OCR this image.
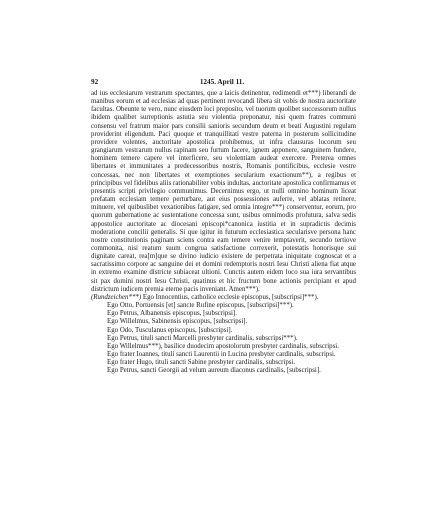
92	1245. April 11.

ad ius ecclesiarum vestrarum spectantes, que a laicis detinentur, redimendi et***) liberandi de manibus eorum et ad ecclesias ad quas pertinent revocandi libera sit vobis de nostra auctoritate facultas. Obeunte te vero, nunc eiusdem loci preposito, vel tuorum quolibet successorum nullus ibidem qualibet surreptionis astutia seu violentia preponatur, nisi quem fratres communi consensu vel fratrum maior pars consilii sanioris secundum deum et beati Augustini regulam providerint eligendum. Paci quoque et tranquillitati vestre paterna in posterum sollicitudine providere volentes, auctoritate apostolica prohibemus, ut infra clausuras locorum seu grangiarum vestrarum nullus rapinam seu furtum facere, ignem apponere, sanguinem fundere, hominem temere capere vel interficere, seu violentiam audeat exercere. Preterea omnes libertates et immunitates a predecessoribus nostris, Romanis pontificibus, ecclesie vestre concessas, nec non libertates et exemptiones secularium exactionum**), a regibus et principibus vel fidelibus aliis rationabiliter vobis indultas, auctoritate apostolica confirmamus et presentis scripti privilegio communimus. Decernimus ergo, ut nulli omnino hominum liceat prefatam ecclesiam temere perturbare, aut eius possessiones auferre, vel ablatas retinere, minuere, vel quibuslibet vexationibus fatigare, sed omnia integre***) conserventur, eorum, pro quorum gubernatione ac sustentatione concessa sunt, usibus omnimodis profutura, salva sedis appostolice auctoritate ac diocesani episcopi*canonica iustitia et in supradictis decimis moderatione concilii generalis. Si que igitur in futurum ecclesiastica secularisve persona hanc nostre constitutionis paginam sciens contra eam temere venire temptaverit, secundo tertiove commonita, nisi reatum suum congrua satisfactione correxerit, potestatis honorisque sui dignitate careat, rea[m]que se divino iudicio existere de perpetrata iniquitate cognoscat et a sacratissimo corpore ac sanguine dei et domini redemptoris nostri Iesu Christi aliena fiat atque in extremo examine districte subiaceat ultioni. Cunctis autem eidem loco sua iura servantibus sit pax domini nostri Iesu Christi, quatinus et hic fructum bone actionis percipiant et apud districtum iudicem premia eterne pacis inveniant. Amen***).

(Rundzeichen***) Ego Innocentius, catholice ecclesie episcopus, [subscripsi]***).
Ego Otto, Portuensis [et] sancte Rufine episcopus, [subscripsi]***).
Ego Petrus, Albanensis episcopus, [subscripsi].
Ego Willelmus, Sabinensis episcopus, [subscripsi].
Ego Odo, Tusculanus episcopus, [subscripsi].
Ego Petrus, tituli sancti Marcelli presbyter cardinalis, subscripsi***).
Ego Willelmus***), basilice duodecim apostolorum presbyter cardinalis, subscripsi.
Ego frater Ioannes, tituli sancti Laurentii in Lucina presbyter cardinalis, subscripsi.
Ego frater Hugo, tituli sancti Sabine presbyter cardinalis, subscripsi.
Ego Petrus, sancti Georgii ad velum aureum diaconus cardinalis, [subscripsi].
